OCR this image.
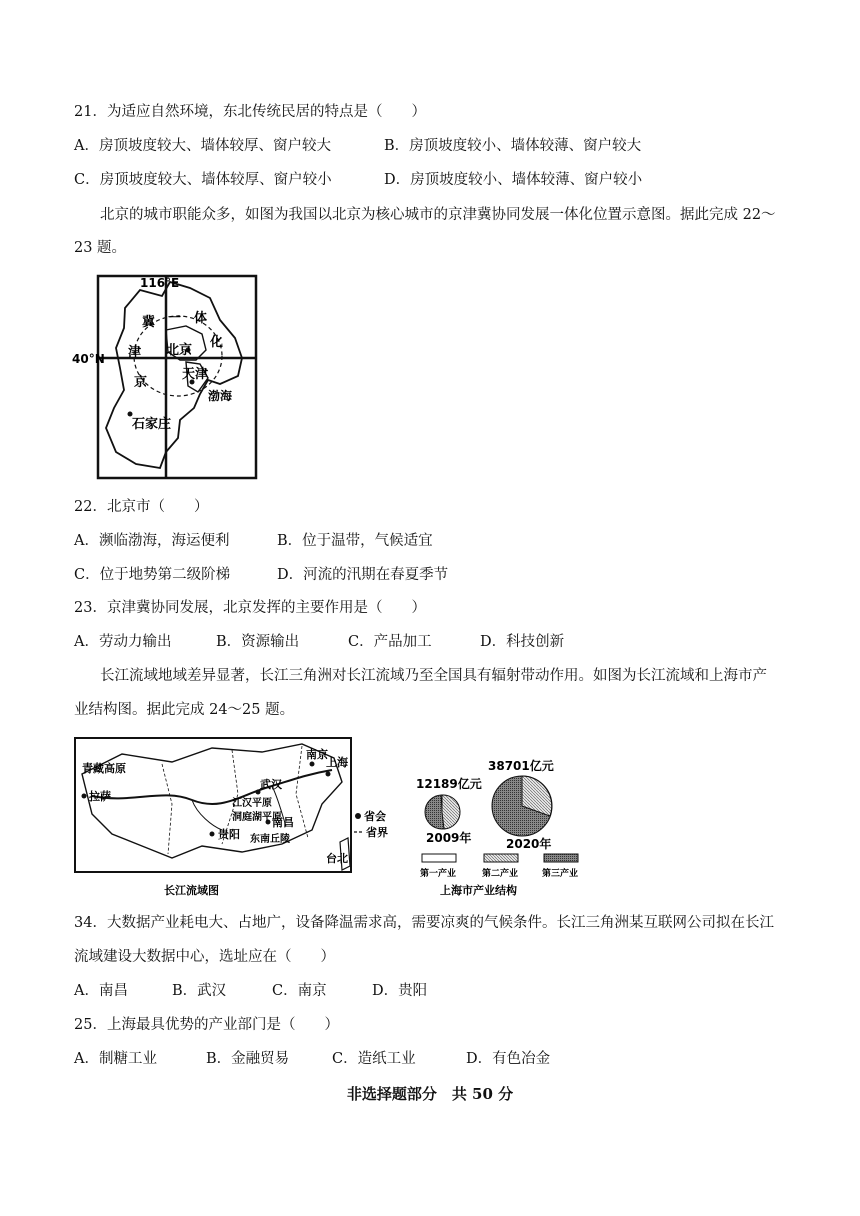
21．为适应自然环境，东北传统民居的特点是（　　）
A．房顶坡度较大、墙体较厚、窗户较大	B．房顶坡度较小、墙体较薄、窗户较大
C．房顶坡度较大、墙体较厚、窗户较小	D．房顶坡度较小、墙体较薄、窗户较小
北京的城市职能众多，如图为我国以北京为核心城市的京津冀协同发展一体化位置示意图。据此完成 22～
23 题。
116°E
40°N
冀 一 体
化
津
京
北京
天津
渤海
石家庄
22．北京市（　　）
A．濒临渤海，海运便利	B．位于温带，气候适宜
C．位于地势第二级阶梯	D．河流的汛期在春夏季节
23．京津冀协同发展，北京发挥的主要作用是（　　）
A．劳动力输出	B．资源输出	C．产品加工	D．科技创新
长江流域地域差异显著，长江三角洲对长江流域乃至全国具有辐射带动作用。如图为长江流域和上海市产
业结构图。据此完成 24～25 题。
青藏高原
拉萨
南京
上海
武汉
江汉平原
洞庭湖平原
南昌
贵阳 东南丘陵
台北
省会
省界
长江流域图
12189亿元
38701亿元
2009年	2020年
第一产业	第二产业	第三产业
上海市产业结构
34．大数据产业耗电大、占地广，设备降温需求高，需要凉爽的气候条件。长江三角洲某互联网公司拟在长江
流域建设大数据中心，选址应在（　　）
A．南昌	B．武汉	C．南京	D．贵阳
25．上海最具优势的产业部门是（　　）
A．制糖工业	B．金融贸易	C．造纸工业	D．有色冶金
非选择题部分　共 50 分
